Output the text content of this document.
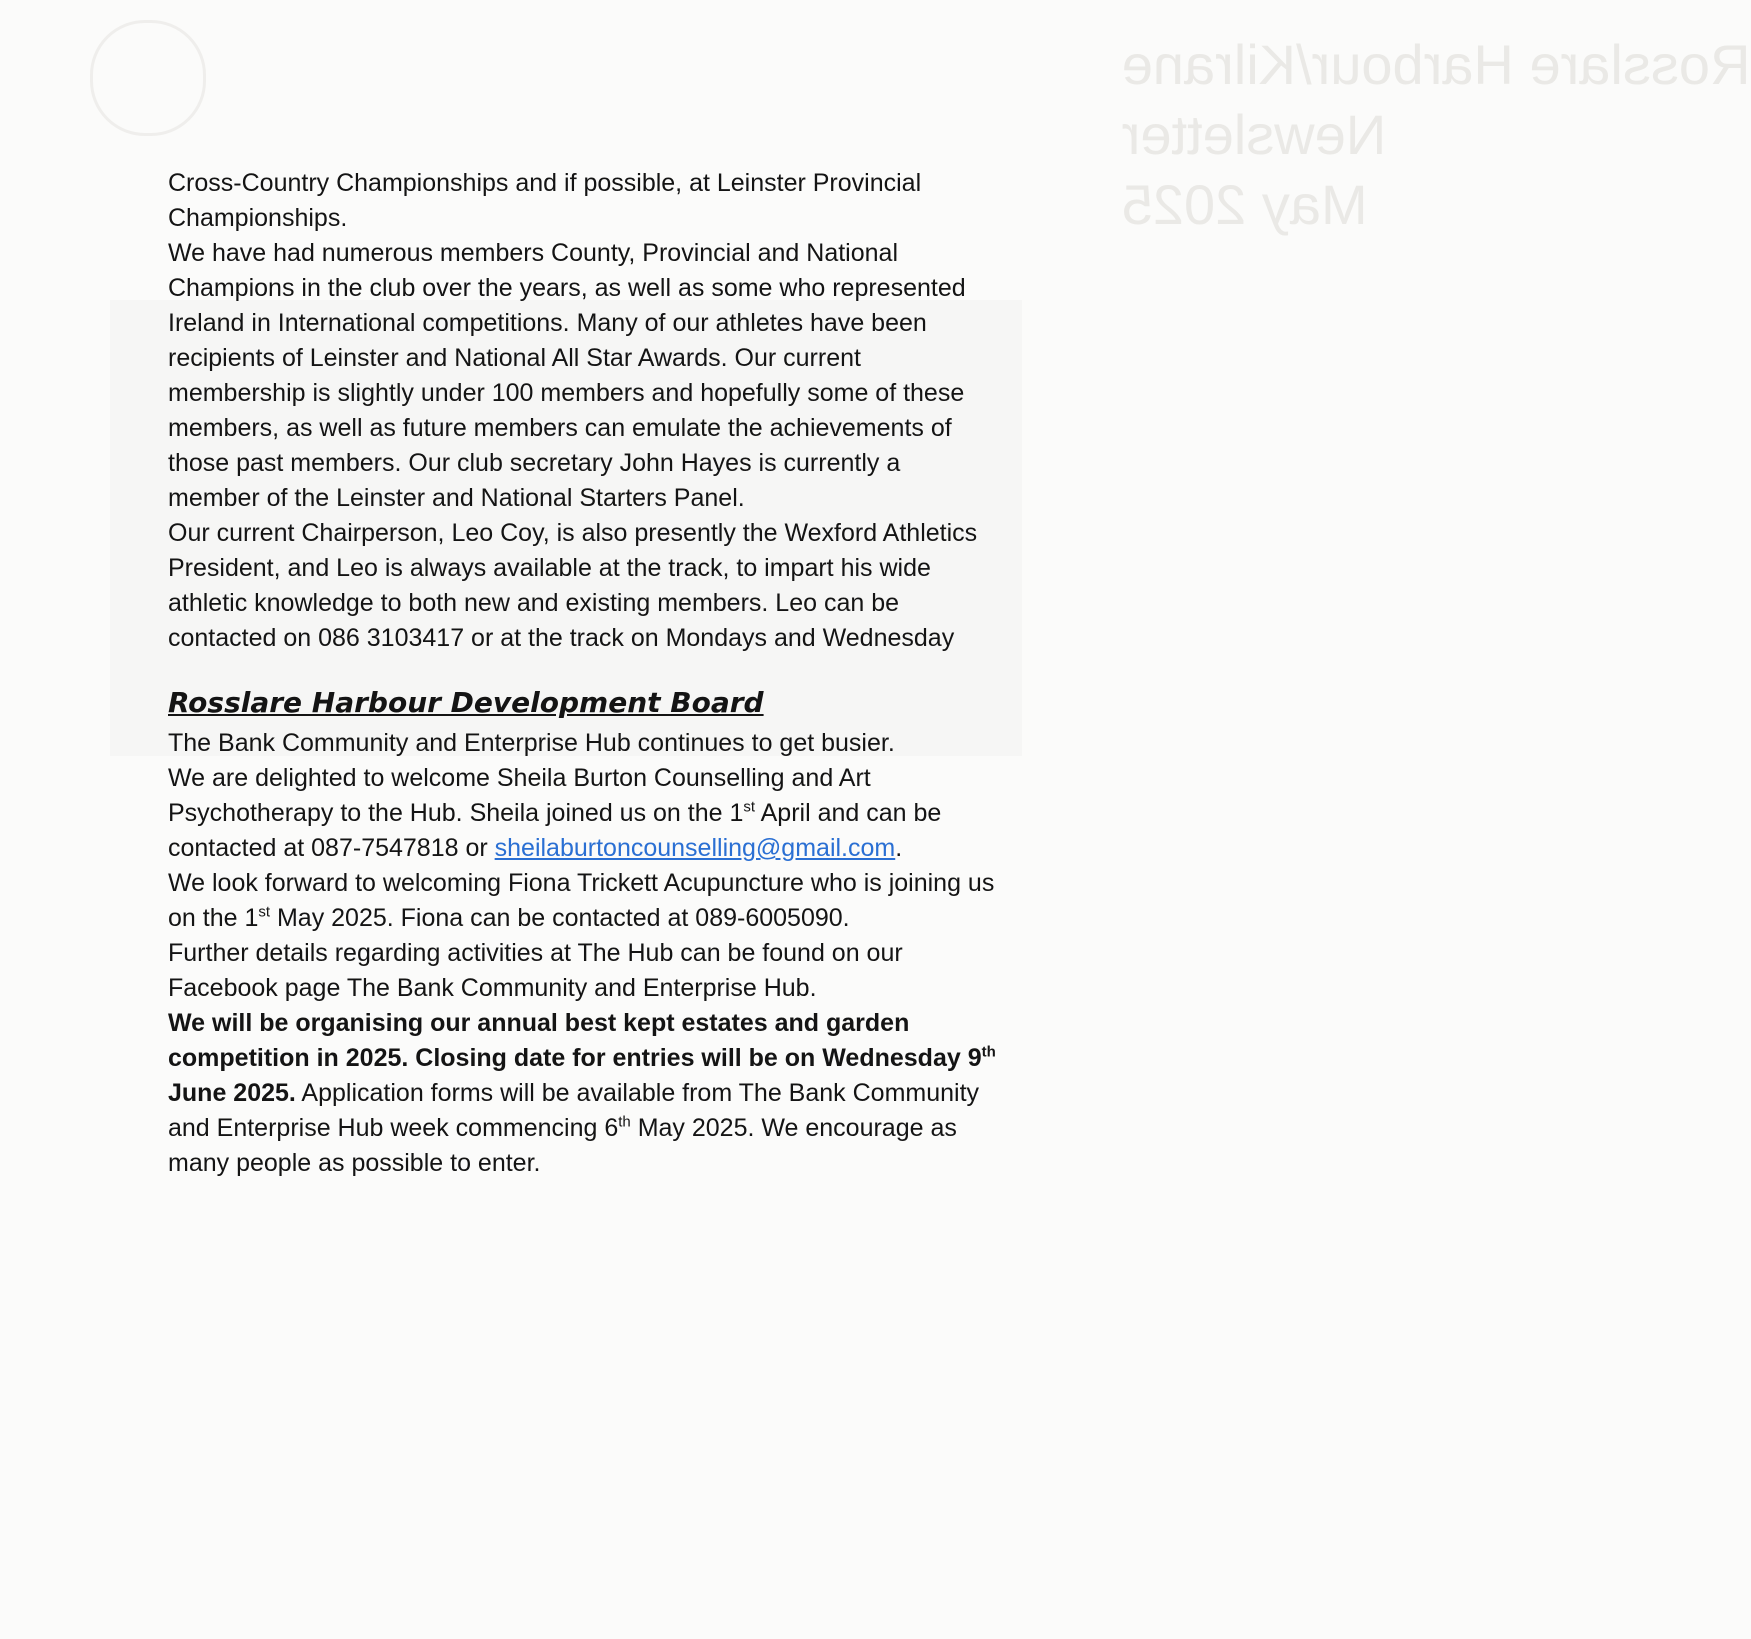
Rosslare Harbour/Kilrane
Newsletter
May 2025

Cross-Country Championships and if possible, at Leinster Provincial Championships.

We have had numerous members County, Provincial and National Champions in the club over the years, as well as some who represented Ireland in International competitions. Many of our athletes have been recipients of Leinster and National All Star Awards. Our current membership is slightly under 100 members and hopefully some of these members, as well as future members can emulate the achievements of those past members. Our club secretary John Hayes is currently a member of the Leinster and National Starters Panel.

Our current Chairperson, Leo Coy, is also presently the Wexford Athletics President, and Leo is always available at the track, to impart his wide athletic knowledge to both new and existing members. Leo can be contacted on 086 3103417 or at the track on Mondays and Wednesday

Rosslare Harbour Development Board

The Bank Community and Enterprise Hub continues to get busier.

We are delighted to welcome Sheila Burton Counselling and Art Psychotherapy to the Hub. Sheila joined us on the 1st April and can be contacted at 087-7547818 or sheilaburtoncounselling@gmail.com.

We look forward to welcoming Fiona Trickett Acupuncture who is joining us on the 1st May 2025. Fiona can be contacted at 089-6005090.

Further details regarding activities at The Hub can be found on our Facebook page The Bank Community and Enterprise Hub.

We will be organising our annual best kept estates and garden competition in 2025. Closing date for entries will be on Wednesday 9th June 2025. Application forms will be available from The Bank Community and Enterprise Hub week commencing 6th May 2025. We encourage as many people as possible to enter.
